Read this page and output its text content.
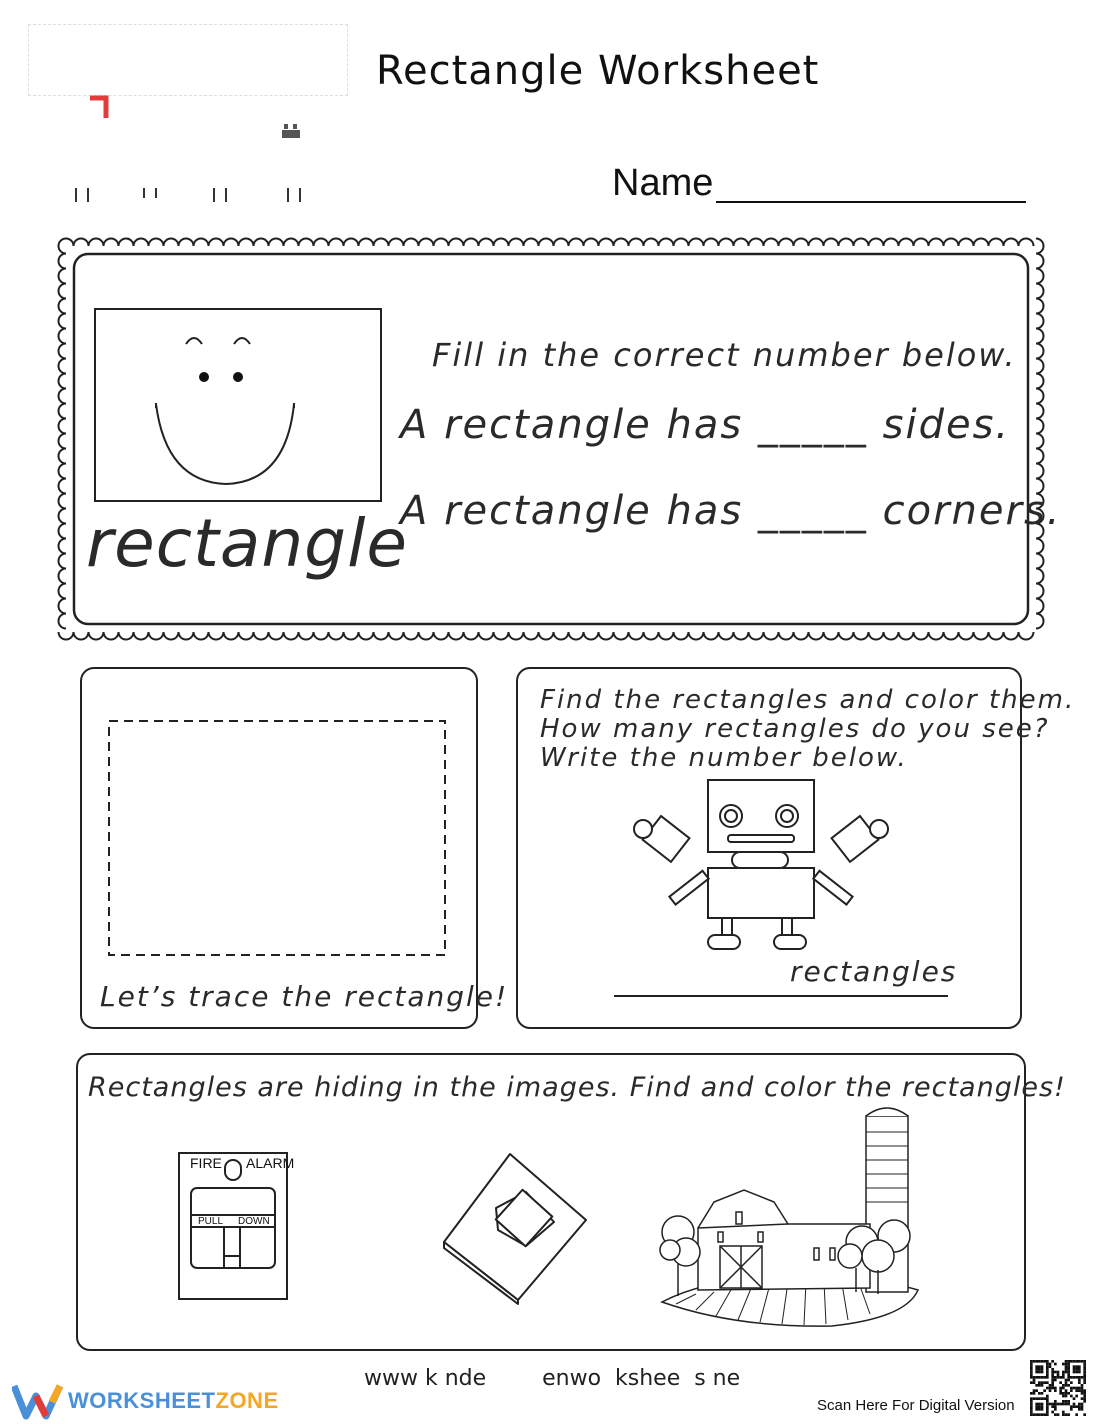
Rectangle Worksheet
Name
rectangle
Fill in the correct number below.
A rectangle has _____ sides.
A rectangle has _____ corners.
Let’s trace the rectangle!
Find the rectangles and color them.
How many rectangles do you see?
Write the number below.
rectangles
Rectangles are hiding in the images. Find and color the rectangles!
FIRE ALARM
PULL DOWN
www k nde        enwo  kshee  s ne
WORKSHEETZONE	Scan Here For Digital Version
